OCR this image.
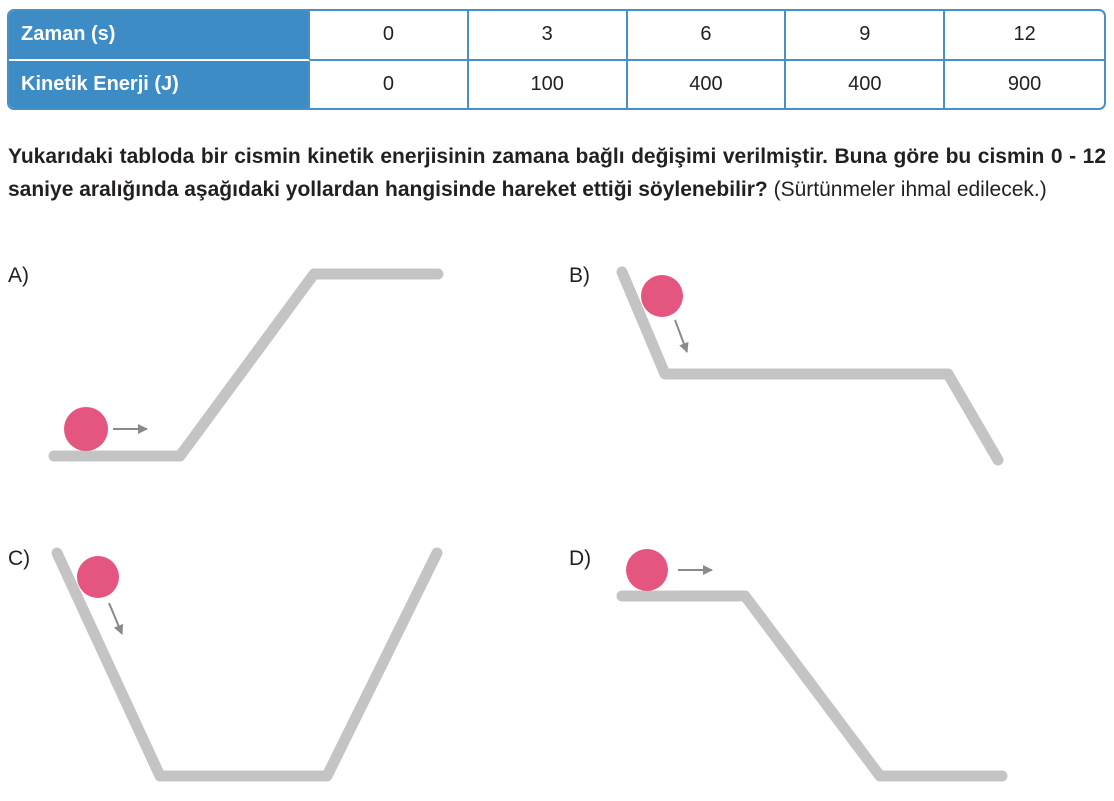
Zaman (s)	0	3	6	9	12
Kinetik Enerji (J)	0	100	400	400	900

Yukarıdaki tabloda bir cismin kinetik enerjisinin zamana bağlı değişimi verilmiştir. Buna göre bu cismin 0 - 12 saniye aralığında aşağıdaki yollardan hangisinde hareket ettiği söylenebilir? (Sürtünmeler ihmal edilecek.)

A)	B)
C)	D)
